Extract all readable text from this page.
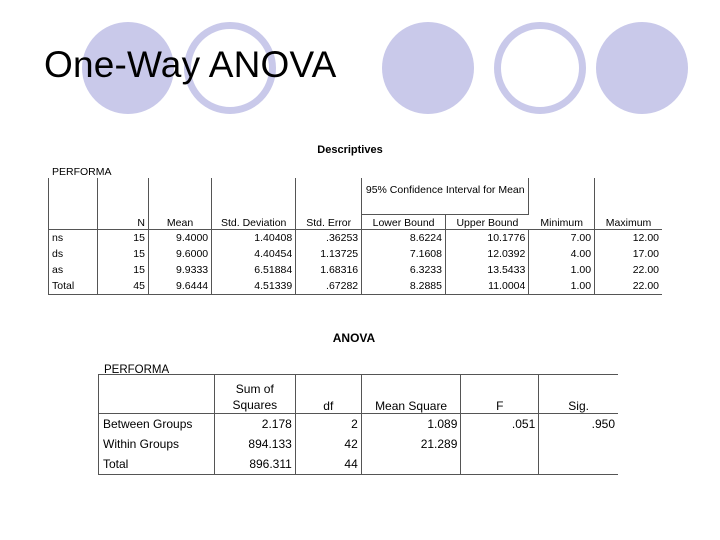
One-Way ANOVA
Descriptives
PERFORMA
	N	Mean	Std. Deviation	Std. Error	95% Confidence Interval for Mean		Minimum	Maximum
					Lower Bound	Upper Bound		
ns	15	9.4000	1.40408	.36253	8.6224	10.1776	7.00	12.00
ds	15	9.6000	4.40454	1.13725	7.1608	12.0392	4.00	17.00
as	15	9.9333	6.51884	1.68316	6.3233	13.5433	1.00	22.00
Total	45	9.6444	4.51339	.67282	8.2885	11.0004	1.00	22.00
ANOVA
PERFORMA
	Sum of Squares	df	Mean Square	F	Sig.
Between Groups	2.178	2	1.089	.051	.950
Within Groups	894.133	42	21.289		
Total	896.311	44			
